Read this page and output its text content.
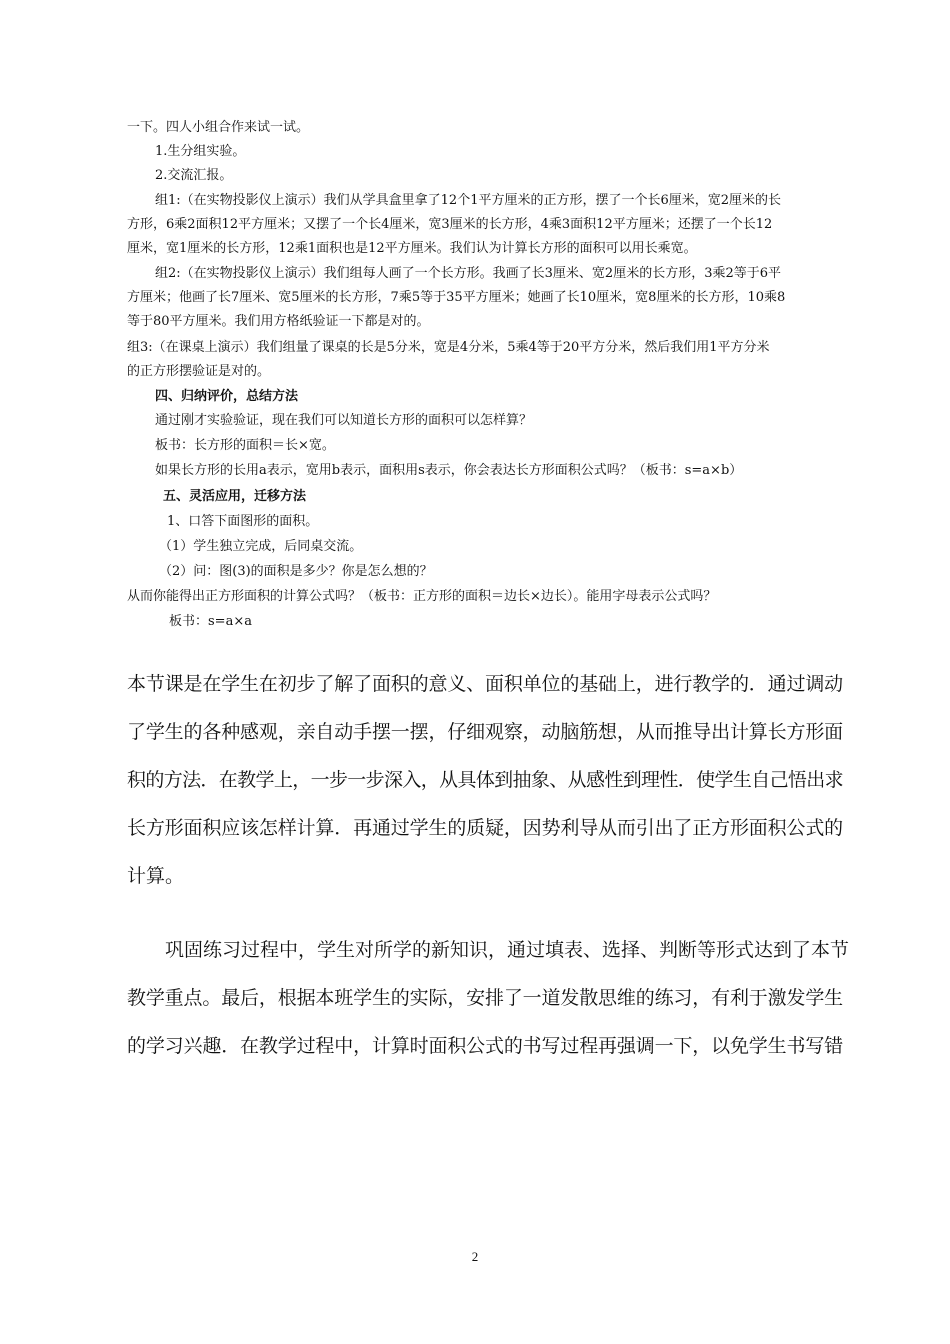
一下。四人小组合作来试一试。
1.生分组实验。
2.交流汇报。
组1:（在实物投影仪上演示）我们从学具盒里拿了12个1平方厘米的正方形，摆了一个长6厘米，宽2厘米的长
方形，6乘2面积12平方厘米；又摆了一个长4厘米，宽3厘米的长方形，4乘3面积12平方厘米；还摆了一个长12
厘米，宽1厘米的长方形，12乘1面积也是12平方厘米。我们认为计算长方形的面积可以用长乘宽。
组2:（在实物投影仪上演示）我们组每人画了一个长方形。我画了长3厘米、宽2厘米的长方形，3乘2等于6平
方厘米；他画了长7厘米、宽5厘米的长方形，7乘5等于35平方厘米；她画了长10厘米，宽8厘米的长方形，10乘8
等于80平方厘米。我们用方格纸验证一下都是对的。
组3:（在课桌上演示）我们组量了课桌的长是5分米，宽是4分米，5乘4等于20平方分米，然后我们用1平方分米
的正方形摆验证是对的。
四、归纳评价，总结方法
通过刚才实验验证，现在我们可以知道长方形的面积可以怎样算？
板书：长方形的面积＝长×宽。
如果长方形的长用a表示，宽用b表示，面积用s表示，你会表达长方形面积公式吗？（板书：s=a×b）
五、灵活应用，迁移方法
1、口答下面图形的面积。
（1）学生独立完成，后同桌交流。
（2）问：图(3)的面积是多少？你是怎么想的？
从而你能得出正方形面积的计算公式吗？（板书：正方形的面积＝边长×边长）。能用字母表示公式吗？
板书：s=a×a
本节课是在学生在初步了解了面积的意义、面积单位的基础上，进行教学的．通过调动
了学生的各种感观，亲自动手摆一摆，仔细观察，动脑筋想，从而推导出计算长方形面
积的方法．在教学上，一步一步深入，从具体到抽象、从感性到理性．使学生自己悟出求
长方形面积应该怎样计算．再通过学生的质疑，因势利导从而引出了正方形面积公式的
计算。
巩固练习过程中，学生对所学的新知识，通过填表、选择、判断等形式达到了本节
教学重点。最后，根据本班学生的实际，安排了一道发散思维的练习，有利于激发学生
的学习兴趣．在教学过程中，计算时面积公式的书写过程再强调一下，以免学生书写错
2
